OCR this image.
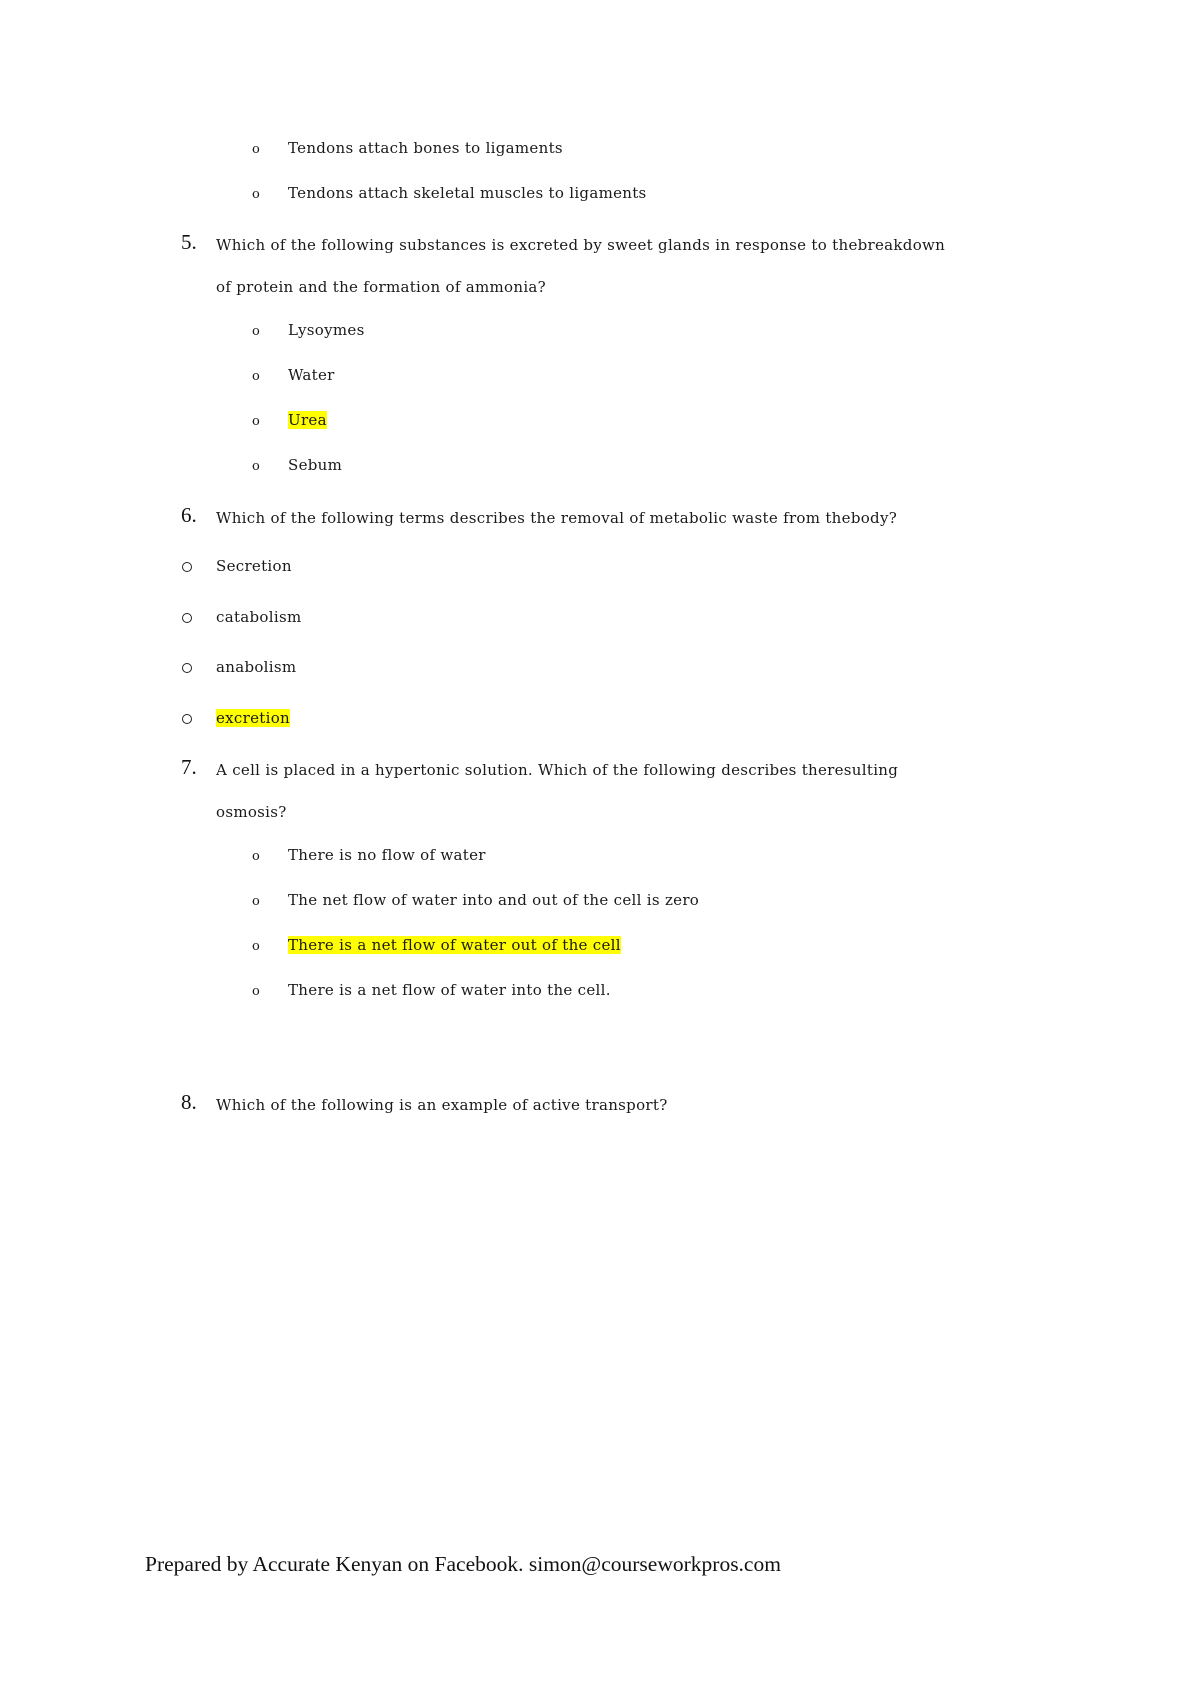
o Tendons attach bones to ligaments
o Tendons attach skeletal muscles to ligaments
5. Which of the following substances is excreted by sweet glands in response to thebreakdown
of protein and the formation of ammonia?
o Lysoymes
o Water
o Urea
o Sebum
6. Which of the following terms describes the removal of metabolic waste from thebody?
Secretion
catabolism
anabolism
excretion
7. A cell is placed in a hypertonic solution. Which of the following describes theresulting
osmosis?
o There is no flow of water
o The net flow of water into and out of the cell is zero
o There is a net flow of water out of the cell
o There is a net flow of water into the cell.
8. Which of the following is an example of active transport?
Prepared by Accurate Kenyan on Facebook. simon@courseworkpros.com
